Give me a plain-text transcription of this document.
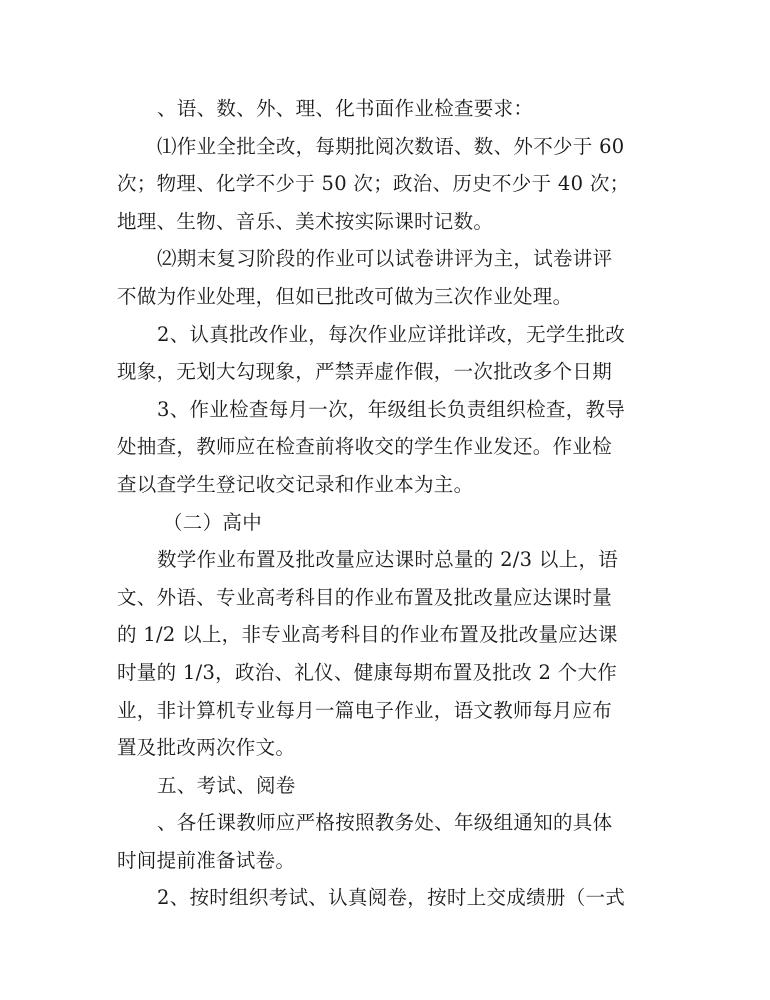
、语、数、外、理、化书面作业检查要求：
⑴作业全批全改，每期批阅次数语、数、外不少于 60
次；物理、化学不少于 50 次；政治、历史不少于 40 次；
地理、生物、音乐、美术按实际课时记数。
⑵期末复习阶段的作业可以试卷讲评为主，试卷讲评
不做为作业处理，但如已批改可做为三次作业处理。
2、认真批改作业，每次作业应详批详改，无学生批改
现象，无划大勾现象，严禁弄虚作假，一次批改多个日期
3、作业检查每月一次，年级组长负责组织检查，教导
处抽查，教师应在检查前将收交的学生作业发还。作业检
查以查学生登记收交记录和作业本为主。
（二）高中
数学作业布置及批改量应达课时总量的 2/3 以上，语
文、外语、专业高考科目的作业布置及批改量应达课时量
的 1/2 以上，非专业高考科目的作业布置及批改量应达课
时量的 1/3，政治、礼仪、健康每期布置及批改 2 个大作
业，非计算机专业每月一篇电子作业，语文教师每月应布
置及批改两次作文。
五、考试、阅卷
、各任课教师应严格按照教务处、年级组通知的具体
时间提前准备试卷。
2、按时组织考试、认真阅卷，按时上交成绩册（一式
